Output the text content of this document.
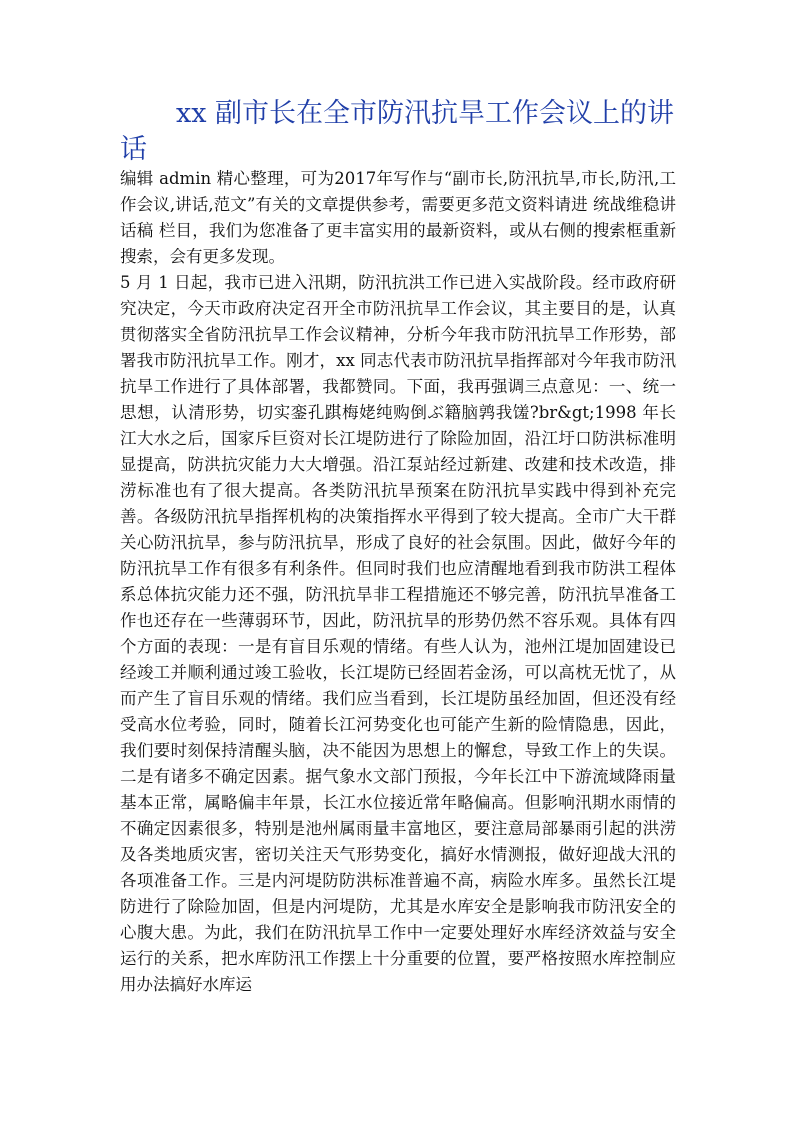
xx 副市长在全市防汛抗旱工作会议上的讲话

编辑 admin 精心整理，可为2017年写作与“副市长,防汛抗旱,市长,防汛,工作会议,讲话,范文”有关的文章提供参考，需要更多范文资料请进 统战维稳讲话稿 栏目，我们为您准备了更丰富实用的最新资料，或从右侧的搜索框重新搜索，会有更多发现。

5 月 1 日起，我市已进入汛期，防汛抗洪工作已进入实战阶段。经市政府研究决定，今天市政府决定召开全市防汛抗旱工作会议，其主要目的是，认真贯彻落实全省防汛抗旱工作会议精神，分析今年我市防汛抗旱工作形势，部署我市防汛抗旱工作。刚才，xx 同志代表市防汛抗旱指挥部对今年我市防汛抗旱工作进行了具体部署，我都赞同。下面，我再强调三点意见：一、统一思想，认清形势，切实銮孔踑梅姥纯购倒ぶ籍脑鹑我馐?br&gt;1998 年长江大水之后，国家斥巨资对长江堤防进行了除险加固，沿江圩口防洪标准明显提高，防洪抗灾能力大大增强。沿江泵站经过新建、改建和技术改造，排涝标准也有了很大提高。各类防汛抗旱预案在防汛抗旱实践中得到补充完善。各级防汛抗旱指挥机构的决策指挥水平得到了较大提高。全市广大干群关心防汛抗旱，参与防汛抗旱，形成了良好的社会氛围。因此，做好今年的防汛抗旱工作有很多有利条件。但同时我们也应清醒地看到我市防洪工程体系总体抗灾能力还不强，防汛抗旱非工程措施还不够完善，防汛抗旱准备工作也还存在一些薄弱环节，因此，防汛抗旱的形势仍然不容乐观。具体有四个方面的表现：一是有盲目乐观的情绪。有些人认为，池州江堤加固建设已经竣工并顺利通过竣工验收，长江堤防已经固若金汤，可以高枕无忧了，从而产生了盲目乐观的情绪。我们应当看到，长江堤防虽经加固，但还没有经受高水位考验，同时，随着长江河势变化也可能产生新的险情隐患，因此，我们要时刻保持清醒头脑，决不能因为思想上的懈怠，导致工作上的失误。二是有诸多不确定因素。据气象水文部门预报，今年长江中下游流域降雨量基本正常，属略偏丰年景，长江水位接近常年略偏高。但影响汛期水雨情的不确定因素很多，特别是池州属雨量丰富地区，要注意局部暴雨引起的洪涝及各类地质灾害，密切关注天气形势变化，搞好水情测报，做好迎战大汛的各项准备工作。三是内河堤防防洪标准普遍不高，病险水库多。虽然长江堤防进行了除险加固，但是内河堤防，尤其是水库安全是影响我市防汛安全的心腹大患。为此，我们在防汛抗旱工作中一定要处理好水库经济效益与安全运行的关系，把水库防汛工作摆上十分重要的位置，要严格按照水库控制应用办法搞好水库运
